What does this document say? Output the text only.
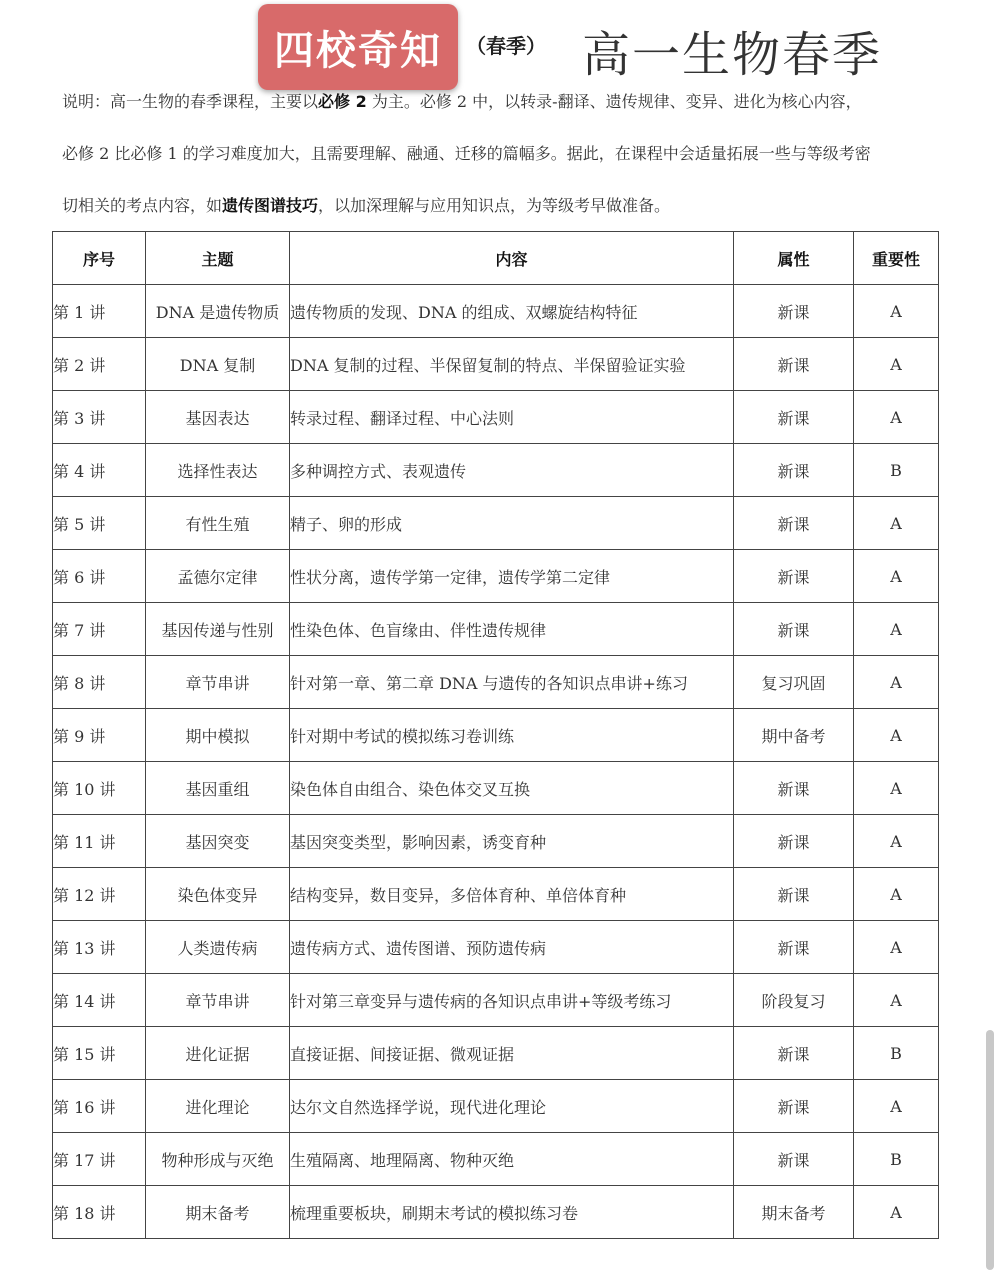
四校奇知 （春季） 高一生物春季

说明：高一生物的春季课程，主要以必修 2 为主。必修 2 中，以转录-翻译、遗传规律、变异、进化为核心内容，

必修 2 比必修 1 的学习难度加大，且需要理解、融通、迁移的篇幅多。据此，在课程中会适量拓展一些与等级考密

切相关的考点内容，如遗传图谱技巧，以加深理解与应用知识点，为等级考早做准备。

序号	主题	内容	属性	重要性
第 1 讲	DNA 是遗传物质	遗传物质的发现、DNA 的组成、双螺旋结构特征	新课	A
第 2 讲	DNA 复制	DNA 复制的过程、半保留复制的特点、半保留验证实验	新课	A
第 3 讲	基因表达	转录过程、翻译过程、中心法则	新课	A
第 4 讲	选择性表达	多种调控方式、表观遗传	新课	B
第 5 讲	有性生殖	精子、卵的形成	新课	A
第 6 讲	孟德尔定律	性状分离，遗传学第一定律，遗传学第二定律	新课	A
第 7 讲	基因传递与性别	性染色体、色盲缘由、伴性遗传规律	新课	A
第 8 讲	章节串讲	针对第一章、第二章 DNA 与遗传的各知识点串讲+练习	复习巩固	A
第 9 讲	期中模拟	针对期中考试的模拟练习卷训练	期中备考	A
第 10 讲	基因重组	染色体自由组合、染色体交叉互换	新课	A
第 11 讲	基因突变	基因突变类型，影响因素，诱变育种	新课	A
第 12 讲	染色体变异	结构变异，数目变异，多倍体育种、单倍体育种	新课	A
第 13 讲	人类遗传病	遗传病方式、遗传图谱、预防遗传病	新课	A
第 14 讲	章节串讲	针对第三章变异与遗传病的各知识点串讲+等级考练习	阶段复习	A
第 15 讲	进化证据	直接证据、间接证据、微观证据	新课	B
第 16 讲	进化理论	达尔文自然选择学说，现代进化理论	新课	A
第 17 讲	物种形成与灭绝	生殖隔离、地理隔离、物种灭绝	新课	B
第 18 讲	期末备考	梳理重要板块，刷期末考试的模拟练习卷	期末备考	A
